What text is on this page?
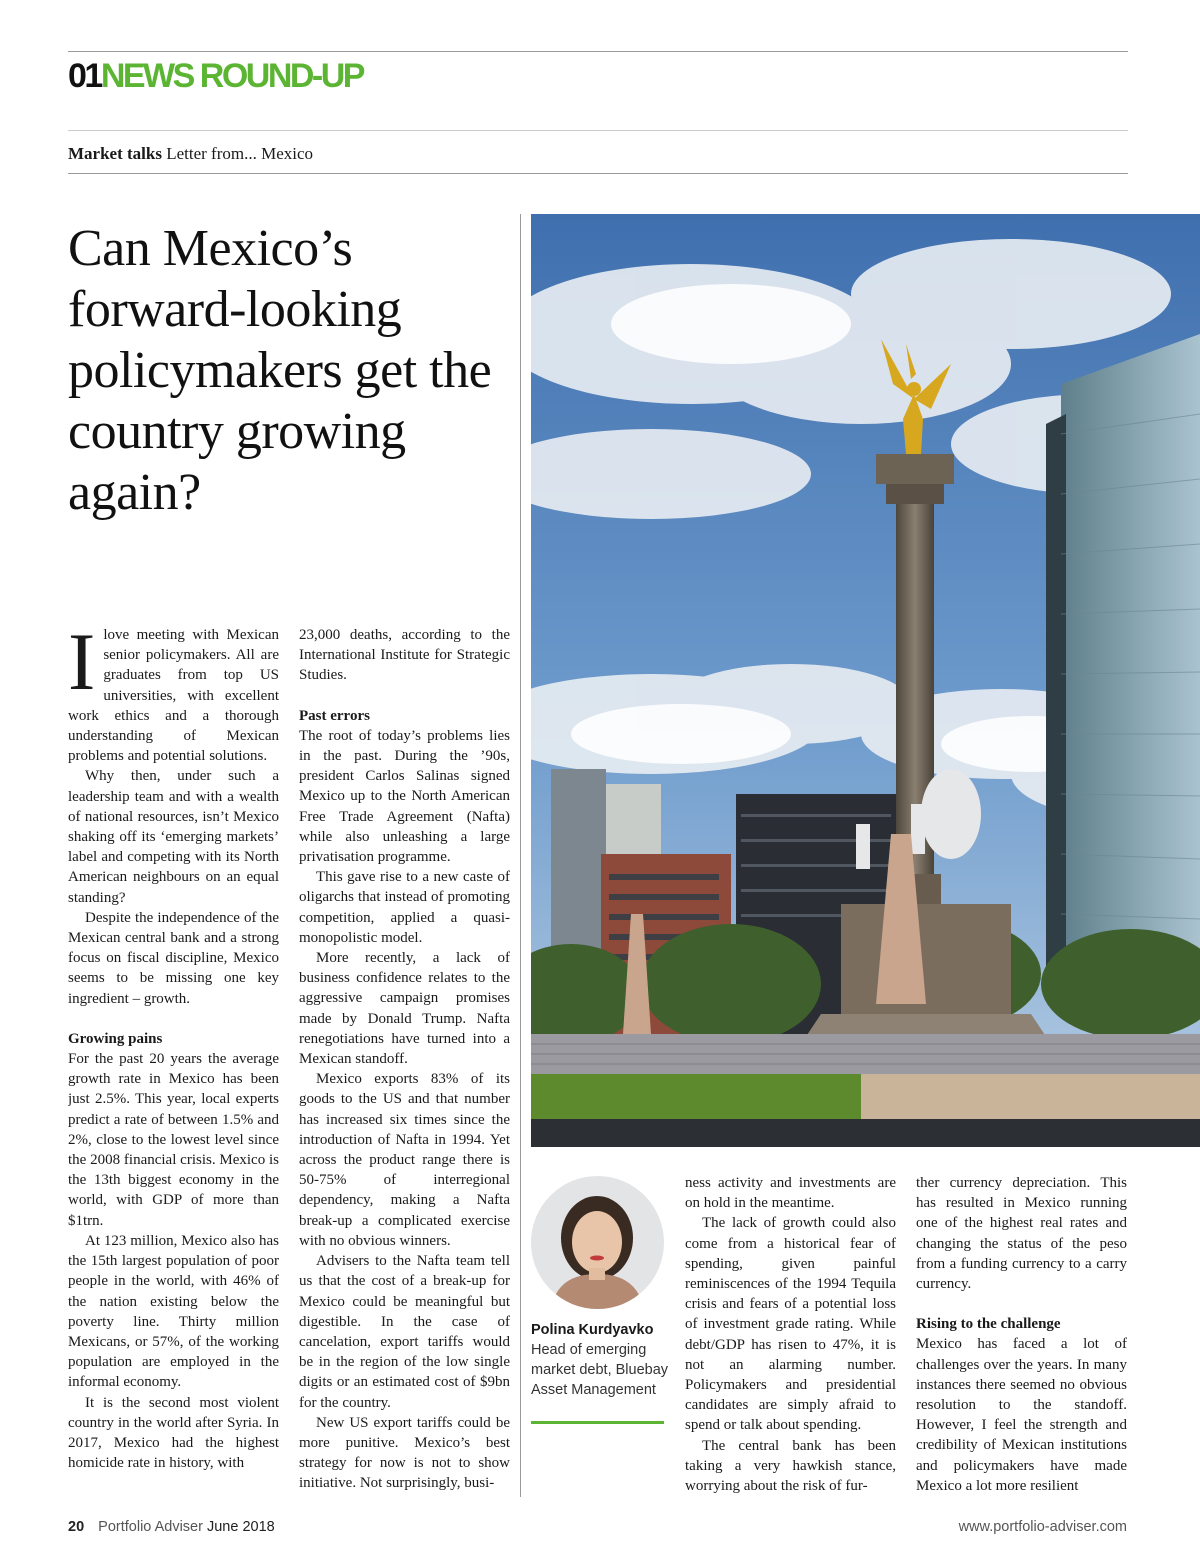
01NEWS ROUND-UP
Market talks Letter from... Mexico
Can Mexico’s forward-looking policymakers get the country growing again?
I love meeting with Mexican senior policymakers. All are graduates from top US universities, with excellent work ethics and a thorough understanding of Mexican problems and potential solutions.

Why then, under such a leadership team and with a wealth of national resources, isn’t Mexico shaking off its ‘emerging markets’ label and competing with its North American neighbours on an equal standing?

Despite the independence of the Mexican central bank and a strong focus on fiscal discipline, Mexico seems to be missing one key ingredient – growth.

Growing pains

For the past 20 years the average growth rate in Mexico has been just 2.5%. This year, local experts predict a rate of between 1.5% and 2%, close to the lowest level since the 2008 financial crisis. Mexico is the 13th biggest economy in the world, with GDP of more than $1trn.

At 123 million, Mexico also has the 15th largest population of poor people in the world, with 46% of the nation existing below the poverty line. Thirty million Mexicans, or 57%, of the working population are employed in the informal economy.

It is the second most violent country in the world after Syria. In 2017, Mexico had the highest homicide rate in history, with

23,000 deaths, according to the International Institute for Strategic Studies.

Past errors

The root of today’s problems lies in the past. During the ’90s, president Carlos Salinas signed Mexico up to the North American Free Trade Agreement (Nafta) while also unleashing a large privatisation programme.

This gave rise to a new caste of oligarchs that instead of promoting competition, applied a quasi-monopolistic model.

More recently, a lack of business confidence relates to the aggressive campaign promises made by Donald Trump. Nafta renegotiations have turned into a Mexican standoff.

Mexico exports 83% of its goods to the US and that number has increased six times since the introduction of Nafta in 1994. Yet across the product range there is 50-75% of interregional dependency, making a Nafta break-up a complicated exercise with no obvious winners.

Advisers to the Nafta team tell us that the cost of a break-up for Mexico could be meaningful but digestible. In the case of cancelation, export tariffs would be in the region of the low single digits or an estimated cost of $9bn for the country.

New US export tariffs could be more punitive. Mexico’s best strategy for now is not to show initiative. Not surprisingly, busi-

Polina Kurdyavko
Head of emerging market debt, Bluebay Asset Management

ness activity and investments are on hold in the meantime.

The lack of growth could also come from a historical fear of spending, given painful reminiscences of the 1994 Tequila crisis and fears of a potential loss of investment grade rating. While debt/GDP has risen to 47%, it is not an alarming number. Policymakers and presidential candidates are simply afraid to spend or talk about spending.

The central bank has been taking a very hawkish stance, worrying about the risk of fur-

ther currency depreciation. This has resulted in Mexico running one of the highest real rates and changing the status of the peso from a funding currency to a carry currency.

Rising to the challenge

Mexico has faced a lot of challenges over the years. In many instances there seemed no obvious resolution to the standoff. However, I feel the strength and credibility of Mexican institutions and policymakers have made Mexico a lot more resilient

20 Portfolio Adviser June 2018	www.portfolio-adviser.com
